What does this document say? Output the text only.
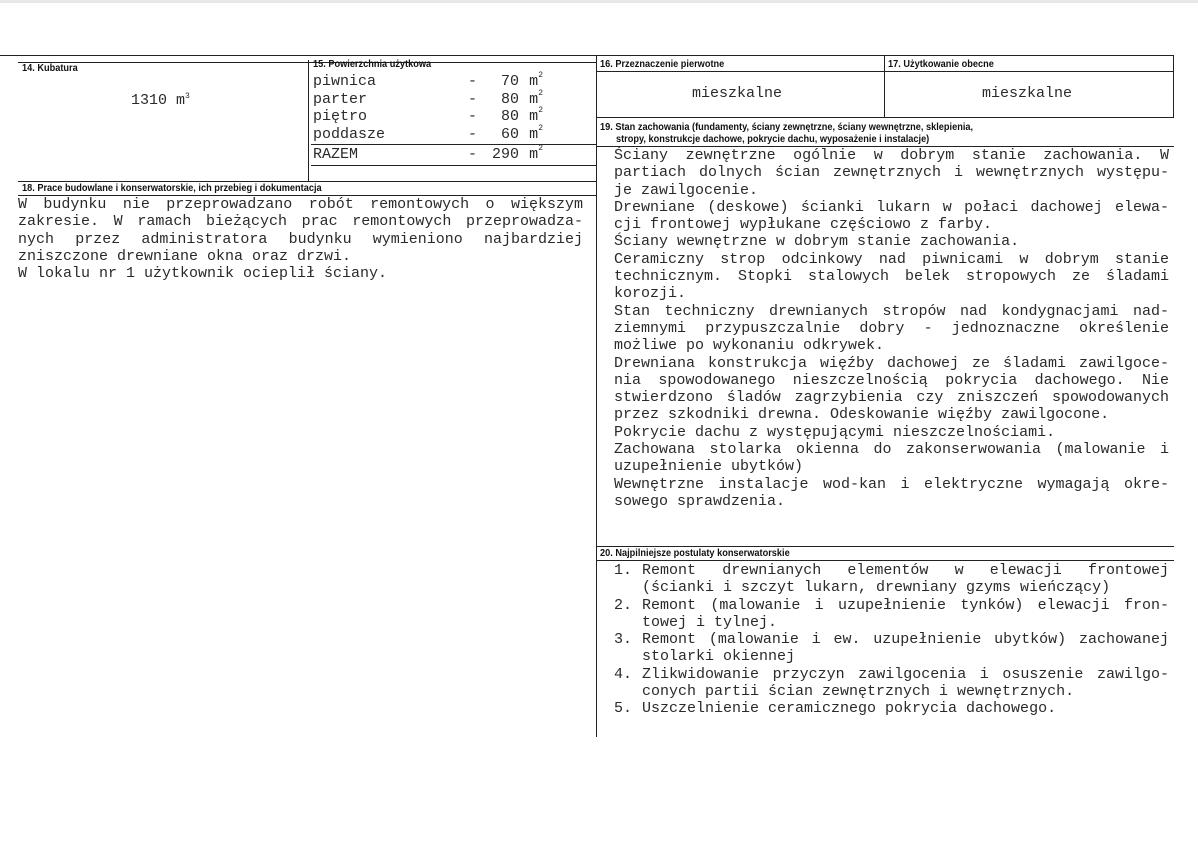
14. Kubatura
1310 $m^3$
15. Powierzchnia użytkowa
piwnica	- 70 $m^2$
parter	- 80 $m^2$
piętro	- 80 $m^2$
poddasze	- 60 $m^2$
RAZEM	- 290 $m^2$
16. Przeznaczenie pierwotne
mieszkalne
17. Użytkowanie obecne
mieszkalne
18. Prace budowlane i konserwatorskie, ich przebieg i dokumentacja
W budynku nie przeprowadzano robót remontowych o większym
zakresie. W ramach bieżących prac remontowych przeprowadza-
nych przez administratora budynku wymieniono najbardziej
zniszczone drewniane okna oraz drzwi.
W lokalu nr 1 użytkownik ocieplił ściany.
19. Stan zachowania (fundamenty, ściany zewnętrzne, ściany wewnętrzne, sklepienia,
stropy, konstrukcje dachowe, pokrycie dachu, wyposażenie i instalacje)
Ściany zewnętrzne ogólnie w dobrym stanie zachowania. W
partiach dolnych ścian zewnętrznych i wewnętrznych występu-
je zawilgocenie.
Drewniane (deskowe) ścianki lukarn w połaci dachowej elewa-
cji frontowej wypłukane częściowo z farby.
Ściany wewnętrzne w dobrym stanie zachowania.
Ceramiczny strop odcinkowy nad piwnicami w dobrym stanie
technicznym. Stopki stalowych belek stropowych ze śladami
korozji.
Stan techniczny drewnianych stropów nad kondygnacjami nad-
ziemnymi przypuszczalnie dobry - jednoznaczne określenie
możliwe po wykonaniu odkrywek.
Drewniana konstrukcja więźby dachowej ze śladami zawilgoce-
nia spowodowanego nieszczelnością pokrycia dachowego. Nie
stwierdzono śladów zagrzybienia czy zniszczeń spowodowanych
przez szkodniki drewna. Odeskowanie więźby zawilgocone.
Pokrycie dachu z występującymi nieszczelnościami.
Zachowana stolarka okienna do zakonserwowania (malowanie i
uzupełnienie ubytków)
Wewnętrzne instalacje wod-kan i elektryczne wymagają okre-
sowego sprawdzenia.
20. Najpilniejsze postulaty konserwatorskie
1. Remont drewnianych elementów w elewacji frontowej
(ścianki i szczyt lukarn, drewniany gzyms wieńczący)
2. Remont (malowanie i uzupełnienie tynków) elewacji fron-
towej i tylnej.
3. Remont (malowanie i ew. uzupełnienie ubytków) zachowanej
stolarki okiennej
4. Zlikwidowanie przyczyn zawilgocenia i osuszenie zawilgo-
conych partii ścian zewnętrznych i wewnętrznych.
5. Uszczelnienie ceramicznego pokrycia dachowego.
